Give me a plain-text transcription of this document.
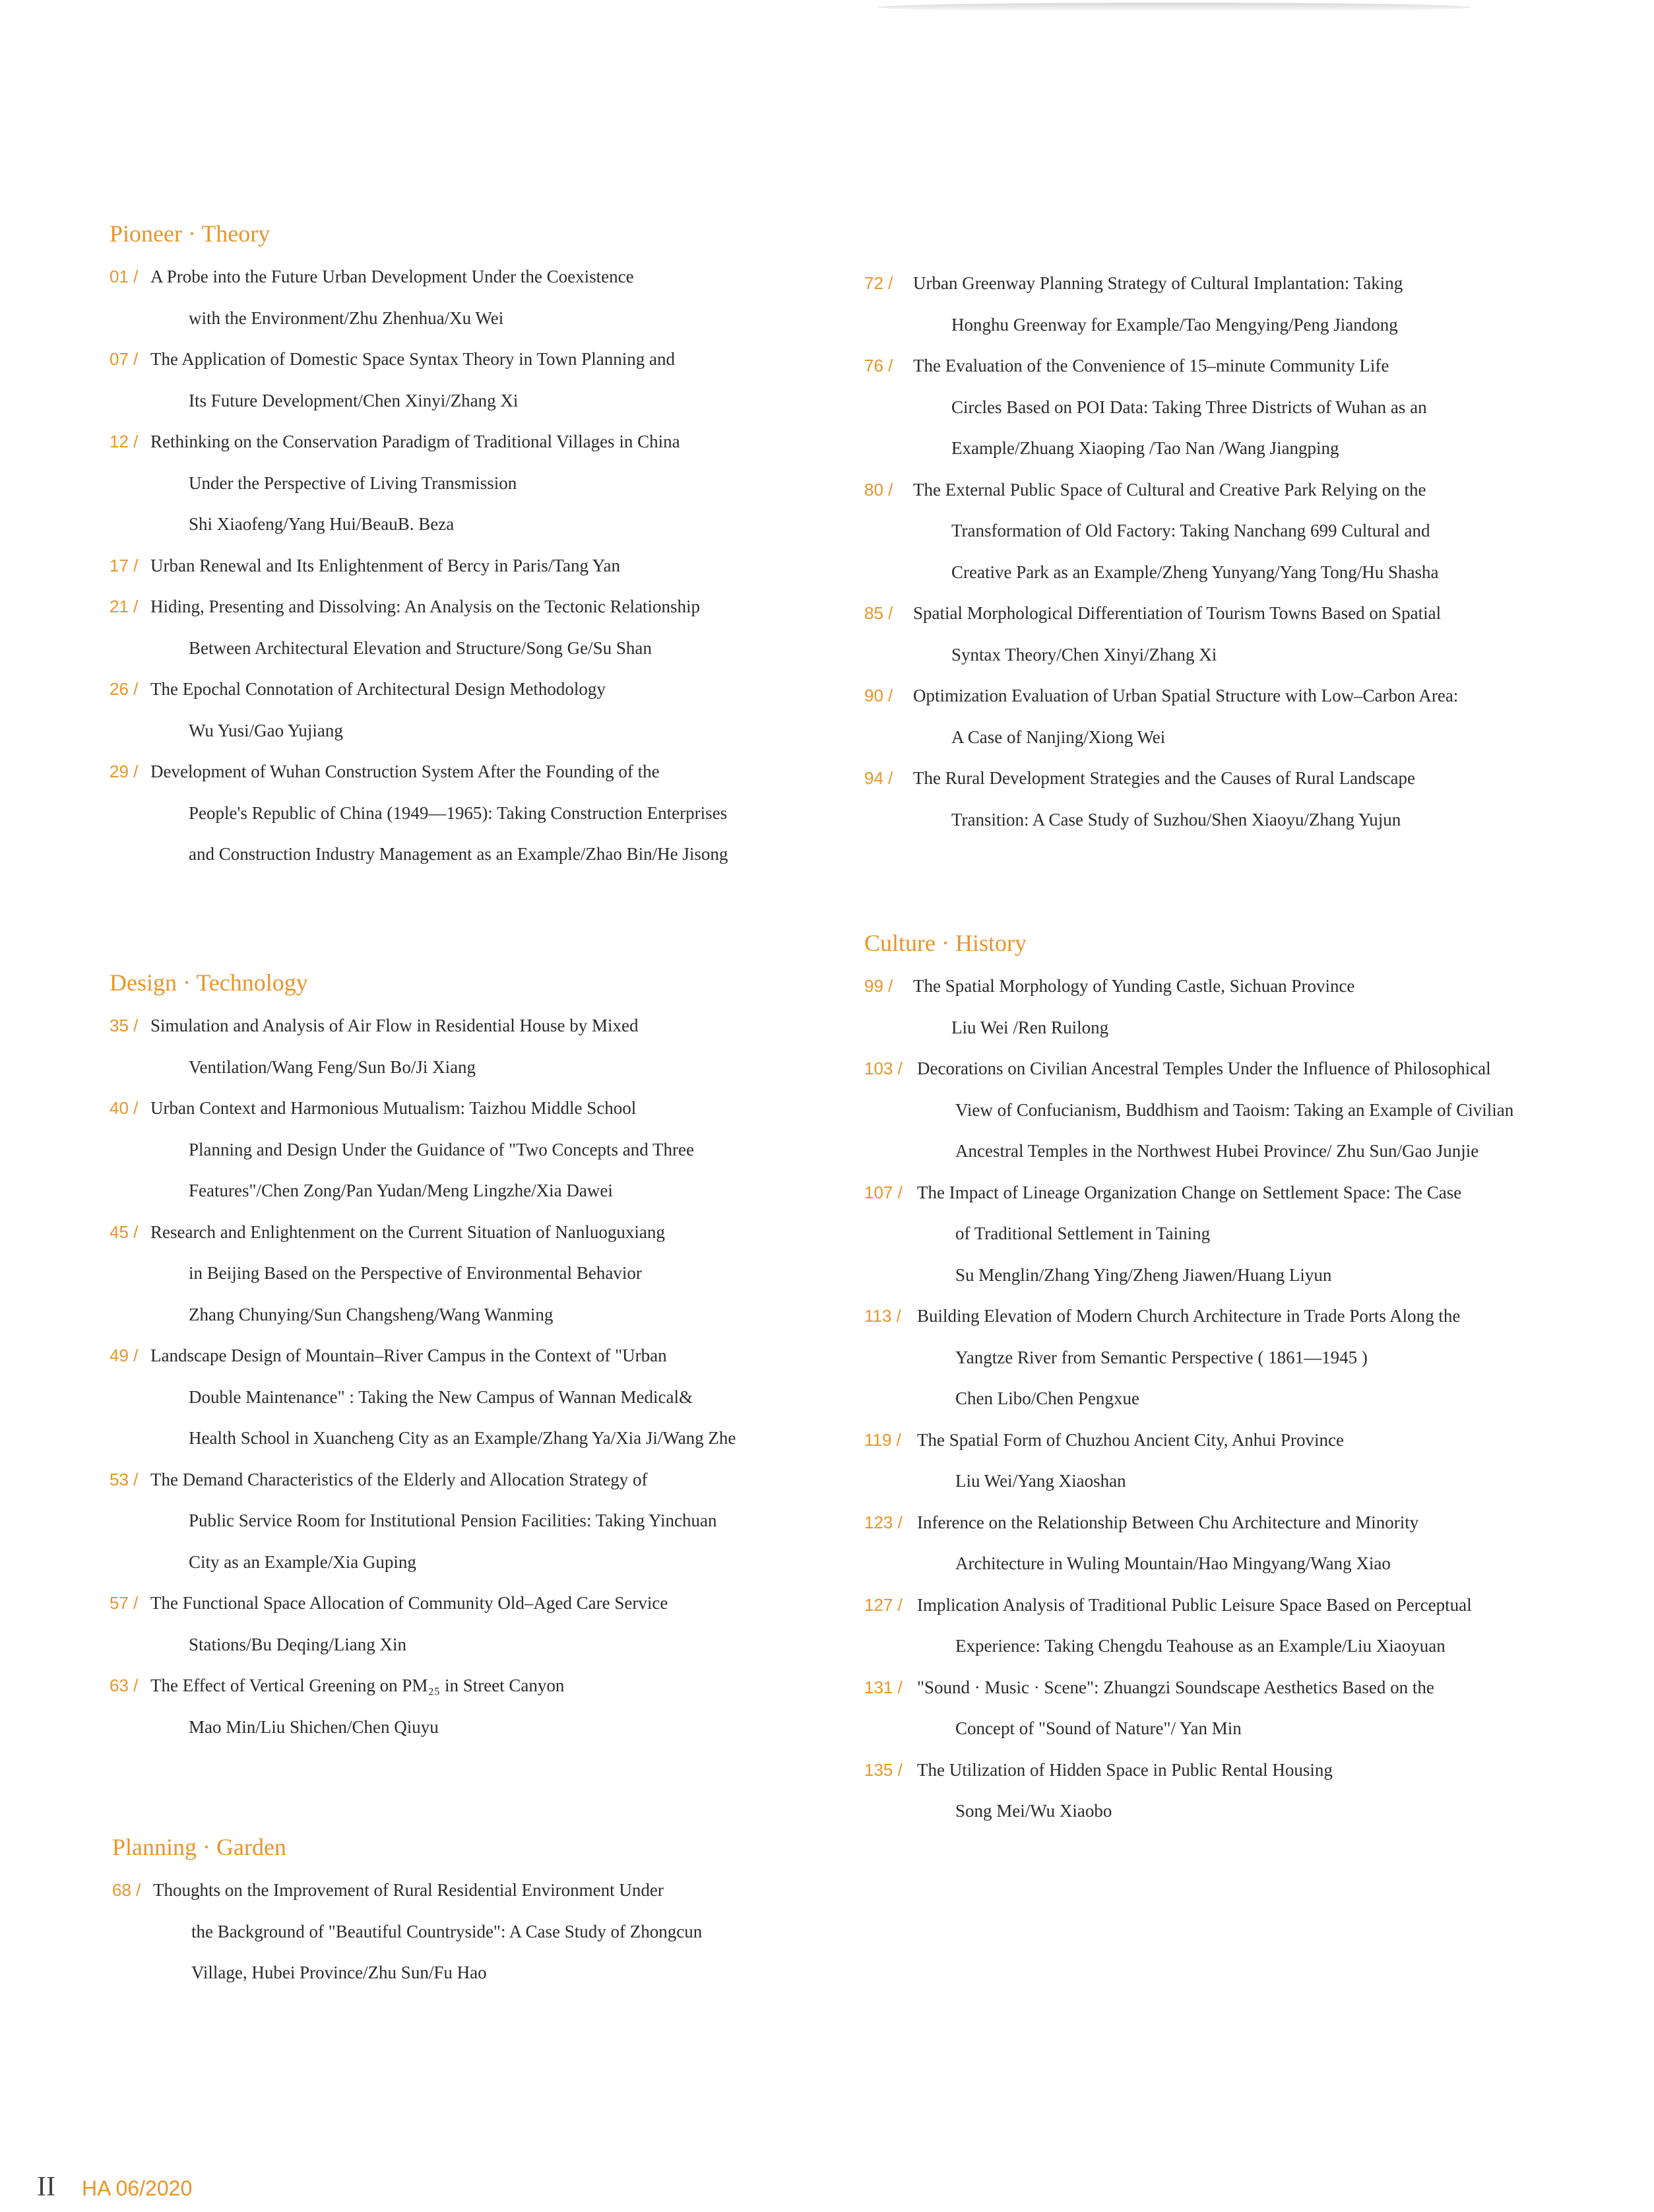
Pioneer · Theory
01 / A Probe into the Future Urban Development Under the Coexistence
with the Environment/Zhu Zhenhua/Xu Wei
07 / The Application of Domestic Space Syntax Theory in Town Planning and
Its Future Development/Chen Xinyi/Zhang Xi
12 / Rethinking on the Conservation Paradigm of Traditional Villages in China
Under the Perspective of Living Transmission
Shi Xiaofeng/Yang Hui/BeauB. Beza
17 / Urban Renewal and Its Enlightenment of Bercy in Paris/Tang Yan
21 / Hiding, Presenting and Dissolving: An Analysis on the Tectonic Relationship
Between Architectural Elevation and Structure/Song Ge/Su Shan
26 / The Epochal Connotation of Architectural Design Methodology
Wu Yusi/Gao Yujiang
29 / Development of Wuhan Construction System After the Founding of the
People's Republic of China (1949—1965): Taking Construction Enterprises
and Construction Industry Management as an Example/Zhao Bin/He Jisong
Design · Technology
35 / Simulation and Analysis of Air Flow in Residential House by Mixed
Ventilation/Wang Feng/Sun Bo/Ji Xiang
40 / Urban Context and Harmonious Mutualism: Taizhou Middle School
Planning and Design Under the Guidance of "Two Concepts and Three
Features"/Chen Zong/Pan Yudan/Meng Lingzhe/Xia Dawei
45 / Research and Enlightenment on the Current Situation of Nanluoguxiang
in Beijing Based on the Perspective of Environmental Behavior
Zhang Chunying/Sun Changsheng/Wang Wanming
49 / Landscape Design of Mountain–River Campus in the Context of "Urban
Double Maintenance" : Taking the New Campus of Wannan Medical&
Health School in Xuancheng City as an Example/Zhang Ya/Xia Ji/Wang Zhe
53 / The Demand Characteristics of the Elderly and Allocation Strategy of
Public Service Room for Institutional Pension Facilities: Taking Yinchuan
City as an Example/Xia Guping
57 / The Functional Space Allocation of Community Old–Aged Care Service
Stations/Bu Deqing/Liang Xin
63 / The Effect of Vertical Greening on PM₂₅ in Street Canyon
Mao Min/Liu Shichen/Chen Qiuyu
Planning · Garden
68 / Thoughts on the Improvement of Rural Residential Environment Under
the Background of "Beautiful Countryside": A Case Study of Zhongcun
Village, Hubei Province/Zhu Sun/Fu Hao
72 /	Urban Greenway Planning Strategy of Cultural Implantation: Taking
Honghu Greenway for Example/Tao Mengying/Peng Jiandong
76 /	The Evaluation of the Convenience of 15–minute Community Life
Circles Based on POI Data: Taking Three Districts of Wuhan as an
Example/Zhuang Xiaoping /Tao Nan /Wang Jiangping
80 /	The External Public Space of Cultural and Creative Park Relying on the
Transformation of Old Factory: Taking Nanchang 699 Cultural and
Creative Park as an Example/Zheng Yunyang/Yang Tong/Hu Shasha
85 /	Spatial Morphological Differentiation of Tourism Towns Based on Spatial
Syntax Theory/Chen Xinyi/Zhang Xi
90 /	Optimization Evaluation of Urban Spatial Structure with Low–Carbon Area:
A Case of Nanjing/Xiong Wei
94 /	The Rural Development Strategies and the Causes of Rural Landscape
Transition: A Case Study of Suzhou/Shen Xiaoyu/Zhang Yujun
Culture · History
99 /	The Spatial Morphology of Yunding Castle, Sichuan Province
Liu Wei /Ren Ruilong
103 / Decorations on Civilian Ancestral Temples Under the Influence of Philosophical
View of Confucianism, Buddhism and Taoism: Taking an Example of Civilian
Ancestral Temples in the Northwest Hubei Province/ Zhu Sun/Gao Junjie
107 / The Impact of Lineage Organization Change on Settlement Space: The Case
of Traditional Settlement in Taining
Su Menglin/Zhang Ying/Zheng Jiawen/Huang Liyun
113 / Building Elevation of Modern Church Architecture in Trade Ports Along the
Yangtze River from Semantic Perspective ( 1861—1945 )
Chen Libo/Chen Pengxue
119 / The Spatial Form of Chuzhou Ancient City, Anhui Province
Liu Wei/Yang Xiaoshan
123 / Inference on the Relationship Between Chu Architecture and Minority
Architecture in Wuling Mountain/Hao Mingyang/Wang Xiao
127 / Implication Analysis of Traditional Public Leisure Space Based on Perceptual
Experience: Taking Chengdu Teahouse as an Example/Liu Xiaoyuan
131 / "Sound · Music · Scene": Zhuangzi Soundscape Aesthetics Based on the
Concept of "Sound of Nature"/ Yan Min
135 / The Utilization of Hidden Space in Public Rental Housing
Song Mei/Wu Xiaobo
II HA 06/2020
